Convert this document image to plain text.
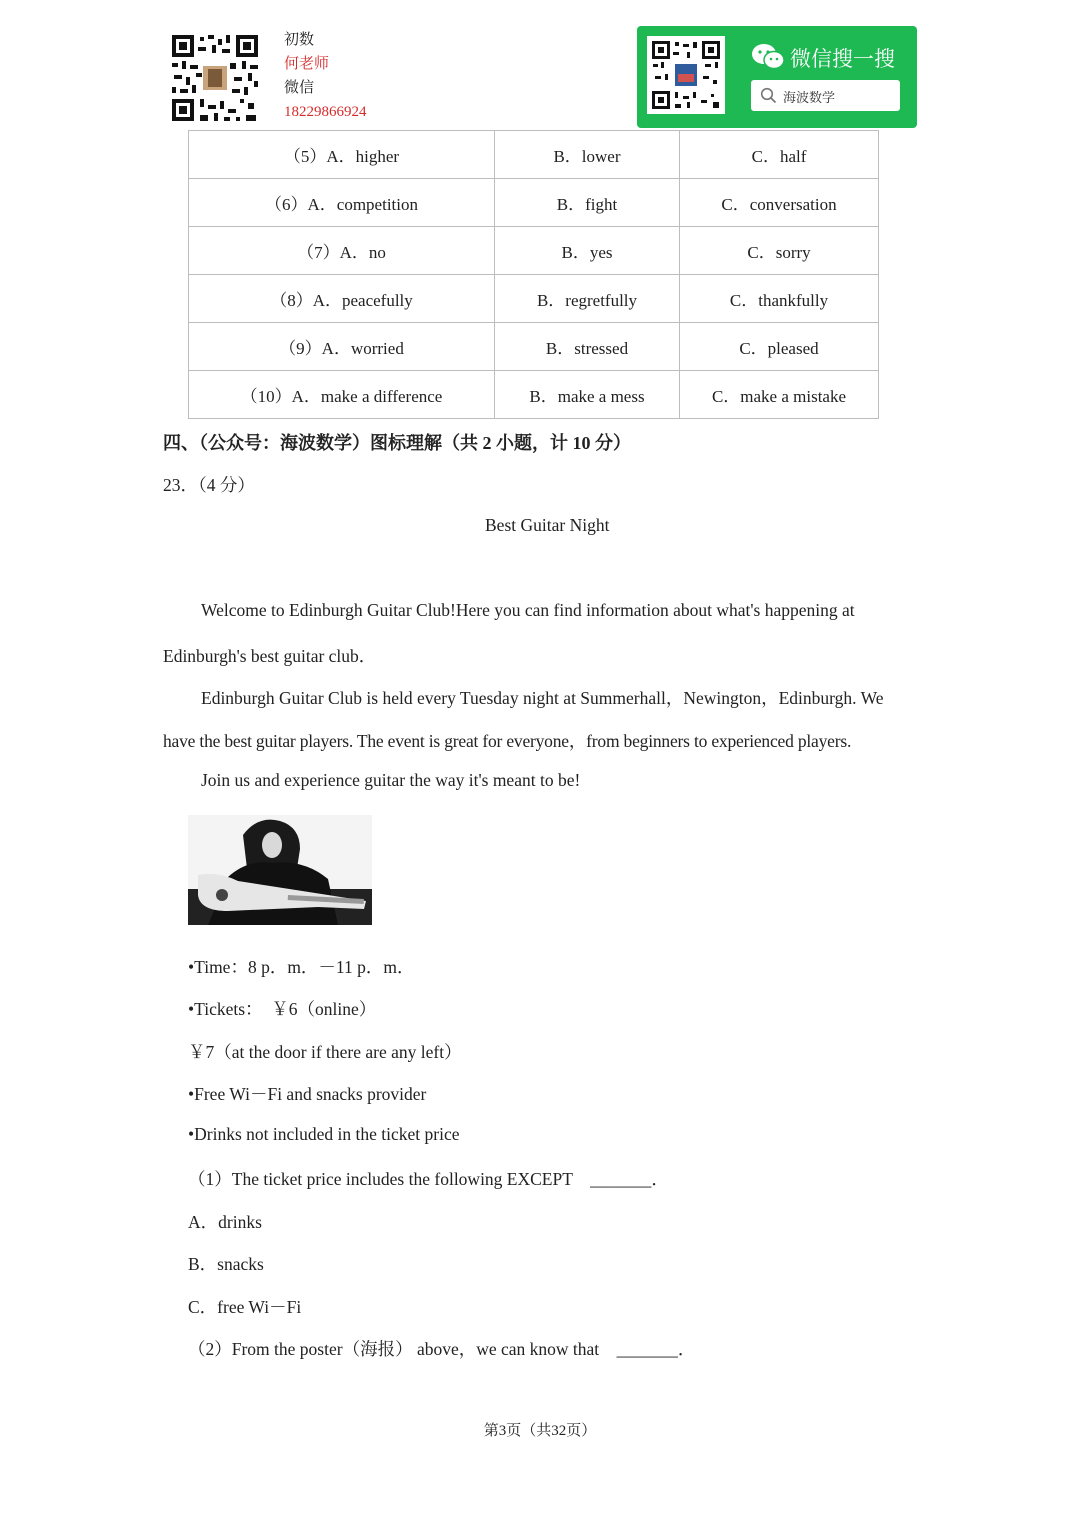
初数
何老师
微信
18229866924
微信搜一搜
海波数学
（5）A．higher	B．lower	C．half
（6）A．competition	B．fight	C．conversation
（7）A．no	B．yes	C．sorry
（8）A．peacefully	B．regretfully	C．thankfully
（9）A．worried	B．stressed	C．pleased
（10）A．make a difference	B．make a mess	C．make a mistake
四、（公众号：海波数学）图标理解（共 2 小题，计 10 分）
23．（4 分）
Best Guitar Night
Welcome to Edinburgh Guitar Club!Here you can find information about what's happening at
Edinburgh's best guitar club．
Edinburgh Guitar Club is held every Tuesday night at Summerhall，Newington，Edinburgh. We
have the best guitar players. The event is great for everyone，from beginners to experienced players.
Join us and experience guitar the way it's meant to be!
•Time：8 p．m．－11 p．m．
•Tickets：  ￥6（online）
￥7（at the door if there are any left）
•Free Wi－Fi and snacks provider
•Drinks not included in the ticket price
（1）The ticket price includes the following EXCEPT　_______．
A．drinks
B．snacks
C．free Wi－Fi
（2）From the poster（海报） above，we can know that　_______．
第3页（共32页）
